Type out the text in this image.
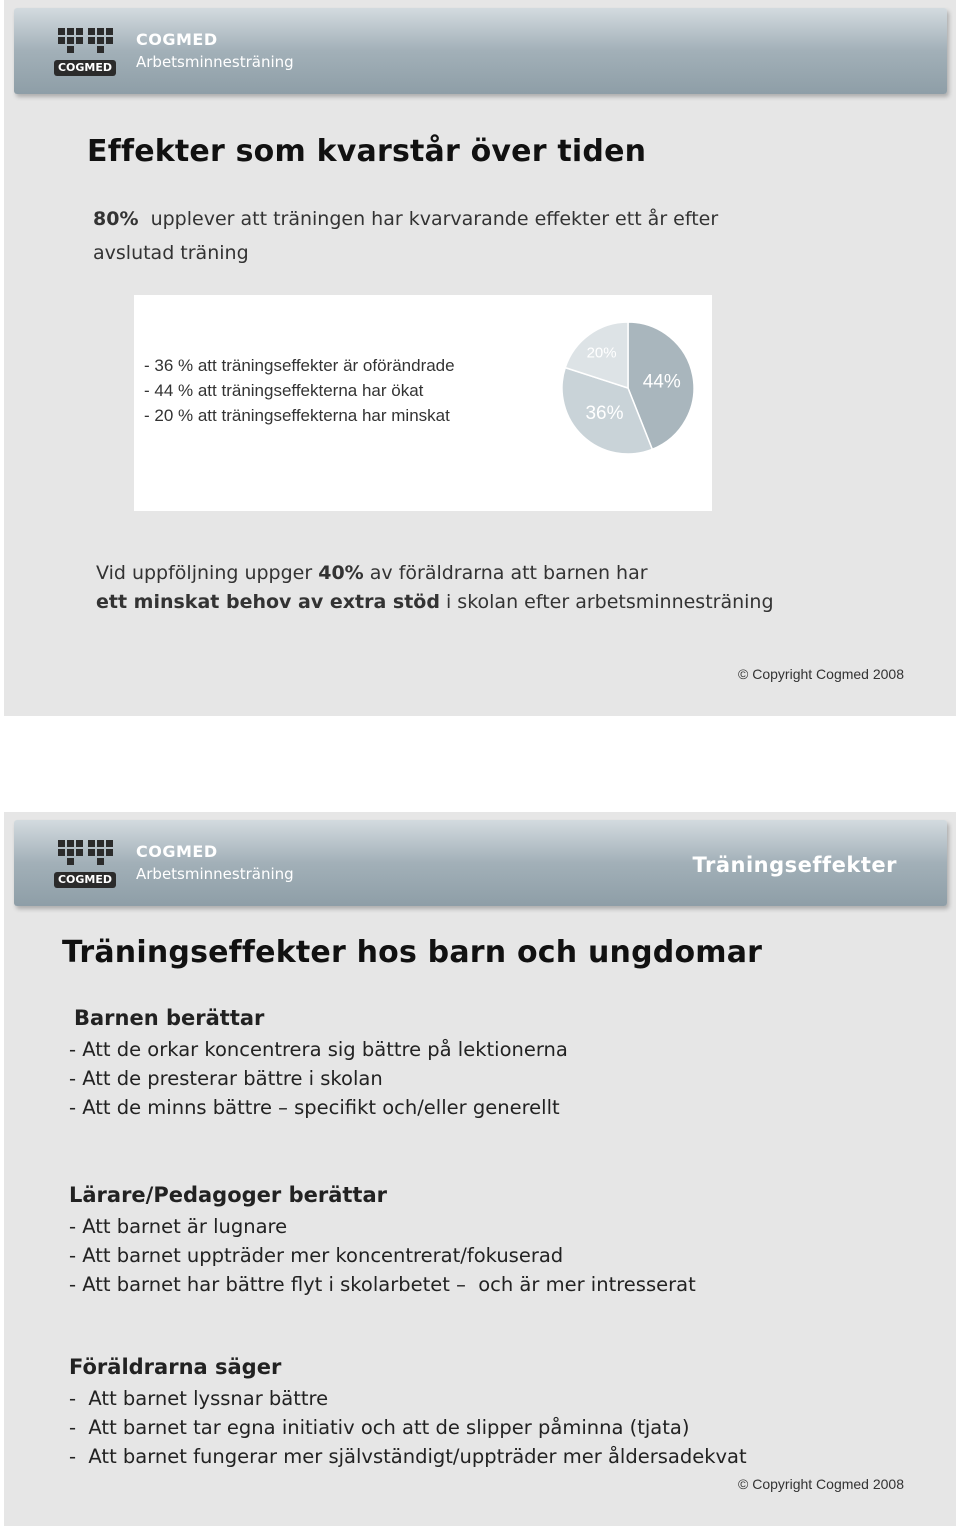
COGMED
COGMED
Arbetsminnesträning
Effekter som kvarstår över tiden
80% upplever att träningen har kvarvarande effekter ett år efter
avslutad träning
- 36 % att träningseffekter är oförändrade
- 44 % att träningseffekterna har ökat
- 20 % att träningseffekterna har minskat
44%
36%
20%
Vid uppföljning uppger 40% av föräldrarna att barnen har
ett minskat behov av extra stöd i skolan efter arbetsminnesträning
© Copyright Cogmed 2008
COGMED
COGMED
Arbetsminnesträning	Träningseffekter
Träningseffekter hos barn och ungdomar
Barnen berättar
- Att de orkar koncentrera sig bättre på lektionerna
- Att de presterar bättre i skolan
- Att de minns bättre – specifikt och/eller generellt
Lärare/Pedagoger berättar
- Att barnet är lugnare
- Att barnet uppträder mer koncentrerat/fokuserad
- Att barnet har bättre flyt i skolarbetet –  och är mer intresserat
Föräldrarna säger
-  Att barnet lyssnar bättre
-  Att barnet tar egna initiativ och att de slipper påminna (tjata)
-  Att barnet fungerar mer självständigt/uppträder mer åldersadekvat
© Copyright Cogmed 2008
